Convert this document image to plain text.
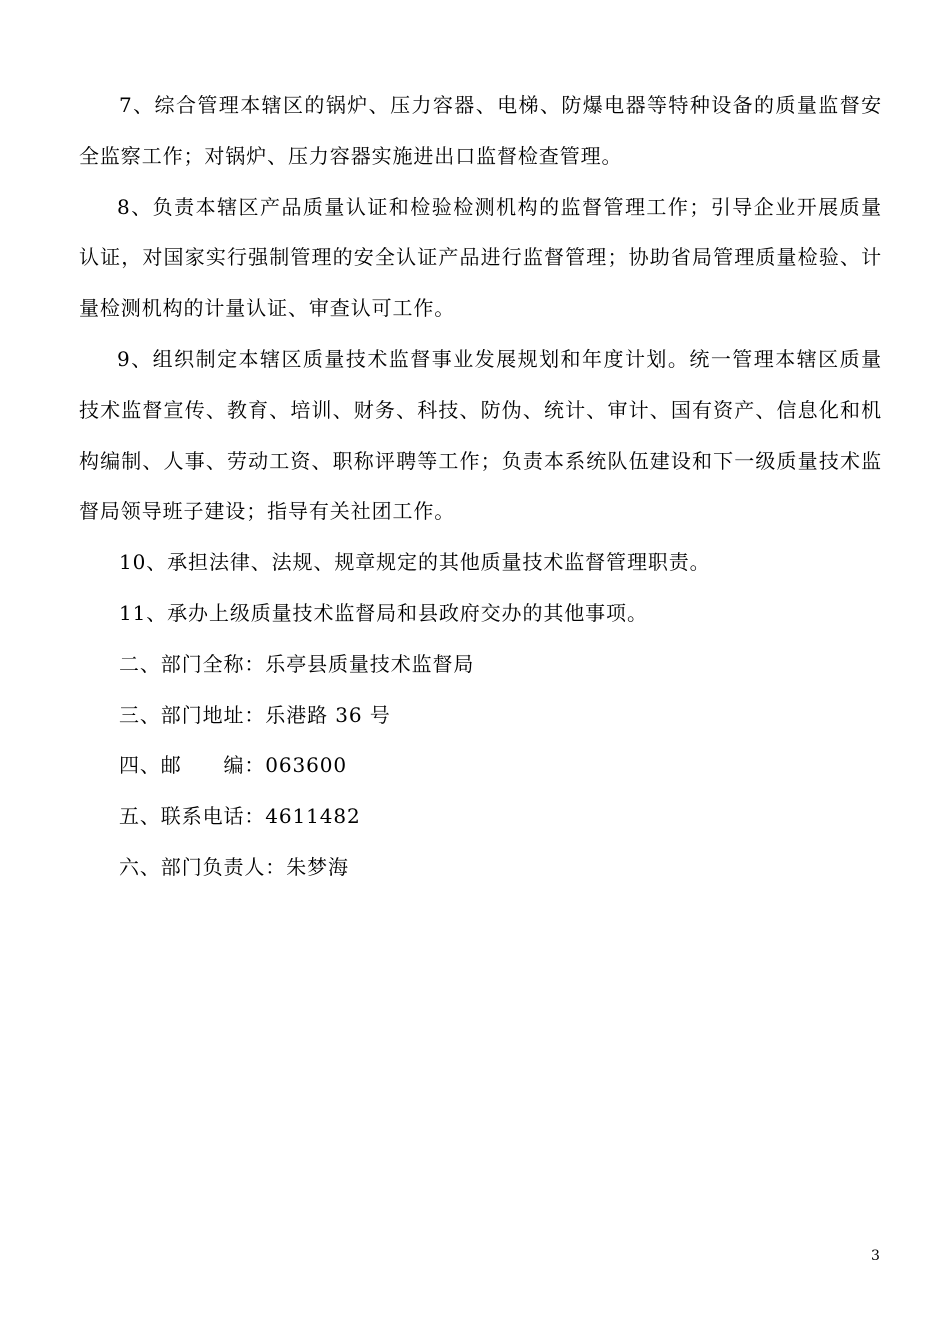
7、综合管理本辖区的锅炉、压力容器、电梯、防爆电器等特种设备的质量监督安全监察工作；对锅炉、压力容器实施进出口监督检查管理。

8、负责本辖区产品质量认证和检验检测机构的监督管理工作；引导企业开展质量认证，对国家实行强制管理的安全认证产品进行监督管理；协助省局管理质量检验、计量检测机构的计量认证、审查认可工作。

9、组织制定本辖区质量技术监督事业发展规划和年度计划。统一管理本辖区质量技术监督宣传、教育、培训、财务、科技、防伪、统计、审计、国有资产、信息化和机构编制、人事、劳动工资、职称评聘等工作；负责本系统队伍建设和下一级质量技术监督局领导班子建设；指导有关社团工作。

10、承担法律、法规、规章规定的其他质量技术监督管理职责。

11、承办上级质量技术监督局和县政府交办的其他事项。

二、部门全称：乐亭县质量技术监督局

三、部门地址：乐港路 36 号

四、邮　　编：063600

五、联系电话：4611482

六、部门负责人：朱梦海

3
